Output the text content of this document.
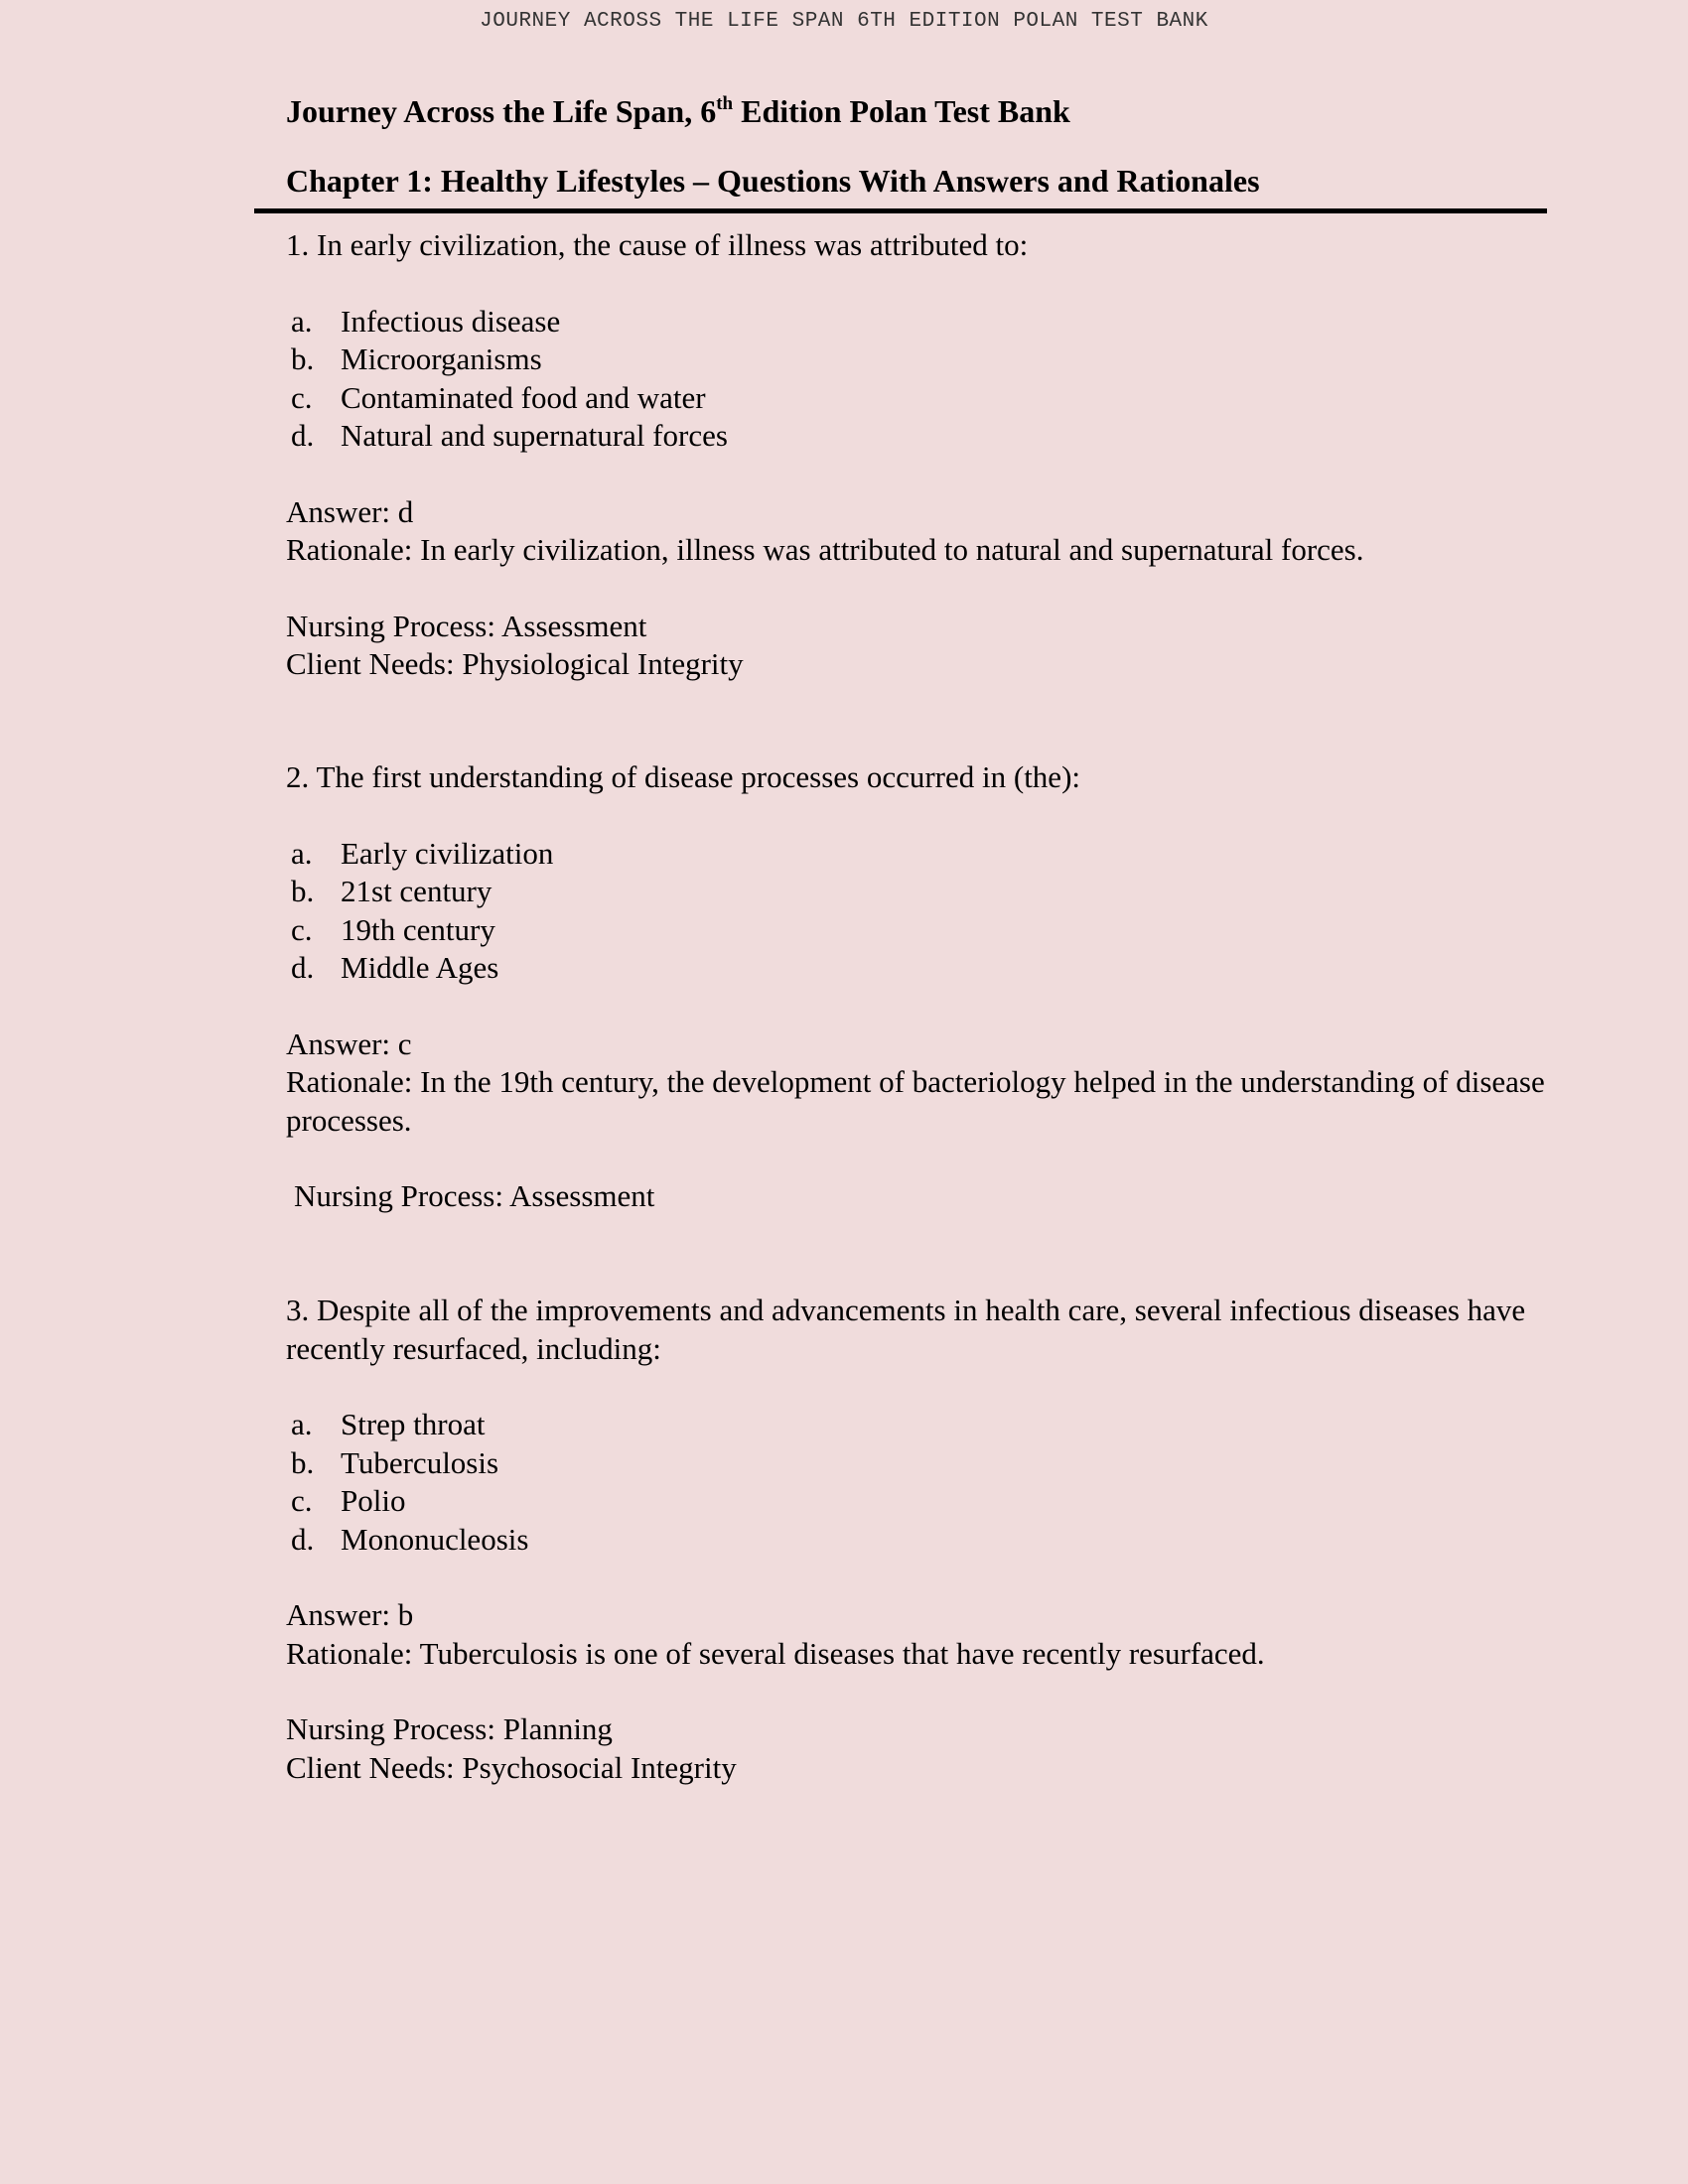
JOURNEY ACROSS THE LIFE SPAN 6TH EDITION POLAN TEST BANK
Journey Across the Life Span, 6th Edition Polan Test Bank
Chapter 1: Healthy Lifestyles – Questions With Answers and Rationales

1. In early civilization, the cause of illness was attributed to:

a. Infectious disease
b. Microorganisms
c. Contaminated food and water
d. Natural and supernatural forces

Answer: d

Rationale: In early civilization, illness was attributed to natural and supernatural forces.

Nursing Process: Assessment

Client Needs: Physiological Integrity

2. The first understanding of disease processes occurred in (the):

a. Early civilization
b. 21st century
c. 19th century
d. Middle Ages

Answer: c

Rationale: In the 19th century, the development of bacteriology helped in the understanding of disease processes.

Nursing Process: Assessment

3. Despite all of the improvements and advancements in health care, several infectious diseases have recently resurfaced, including:

a. Strep throat
b. Tuberculosis
c. Polio
d. Mononucleosis

Answer: b

Rationale: Tuberculosis is one of several diseases that have recently resurfaced.

Nursing Process: Planning

Client Needs: Psychosocial Integrity
